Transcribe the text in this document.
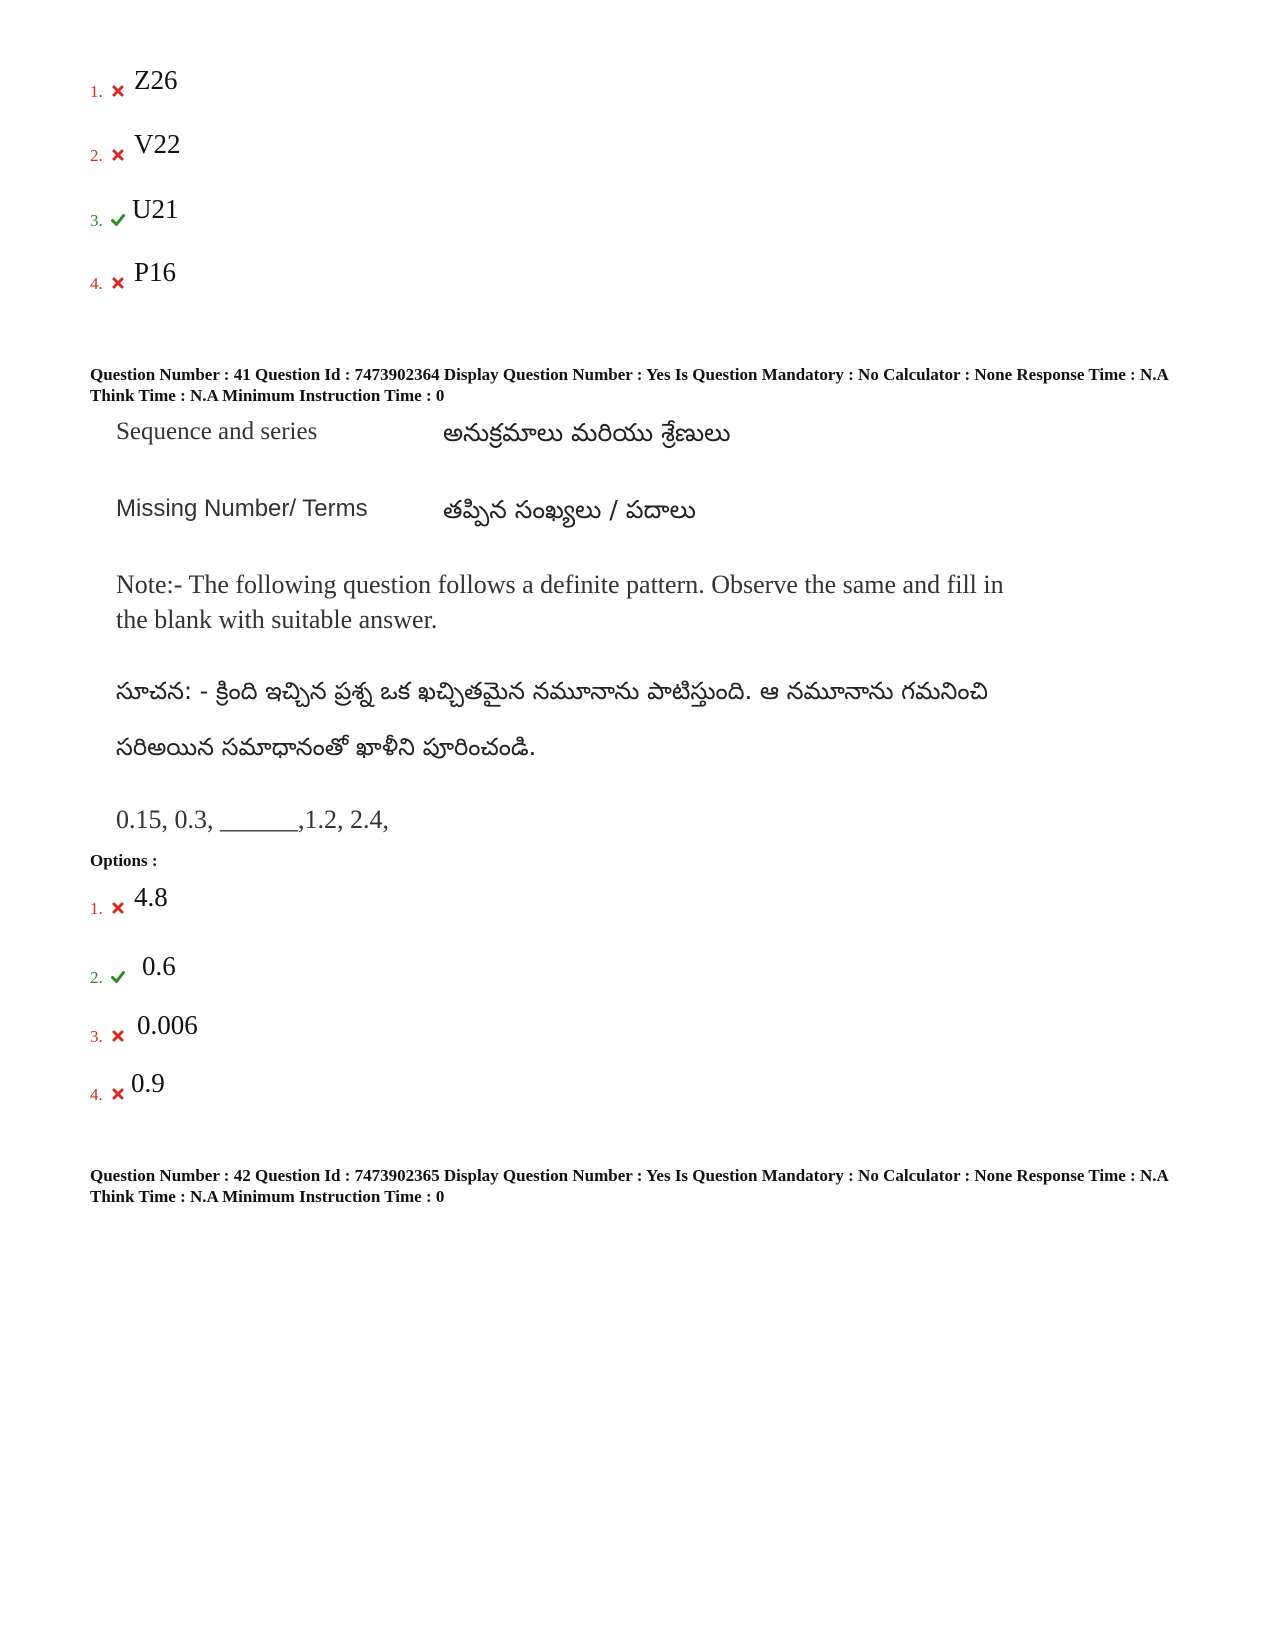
1. Z26
2. V22
3. U21
4. P16
Question Number : 41 Question Id : 7473902364 Display Question Number : Yes Is Question Mandatory : No Calculator : None Response Time : N.A Think Time : N.A Minimum Instruction Time : 0
Sequence and series	అనుక్రమాలు మరియు శ్రేణులు
Missing Number/ Terms	తప్పిన సంఖ్యలు / పదాలు
Note:- The following question follows a definite pattern. Observe the same and fill in the blank with suitable answer.
సూచన: - క్రింది ఇచ్చిన ప్రశ్న ఒక ఖచ్చితమైన నమూనాను పాటిస్తుంది. ఆ నమూనాను గమనించి సరిఅయిన సమాధానంతో ఖాళీని పూరించండి.
0.15, 0.3, ______,1.2, 2.4,
Options :
1. 4.8
2. 0.6
3. 0.006
4. 0.9
Question Number : 42 Question Id : 7473902365 Display Question Number : Yes Is Question Mandatory : No Calculator : None Response Time : N.A Think Time : N.A Minimum Instruction Time : 0
